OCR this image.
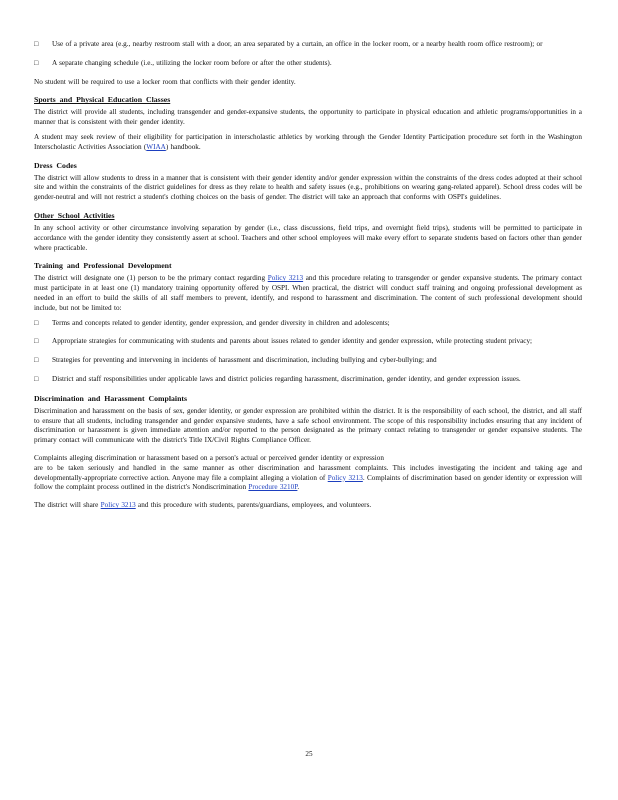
□	Use of a private area (e.g., nearby restroom stall with a door, an area separated by a curtain, an office in the locker room, or a nearby health room office restroom); or

□	A separate changing schedule (i.e., utilizing the locker room before or after the other students).

No student will be required to use a locker room that conflicts with their gender identity.

Sports and Physical Education Classes

The district will provide all students, including transgender and gender-expansive students, the opportunity to participate in physical education and athletic programs/opportunities in a manner that is consistent with their gender identity.

A student may seek review of their eligibility for participation in interscholastic athletics by working through the Gender Identity Participation procedure set forth in the Washington Interscholastic Activities Association (WIAA) handbook.

Dress Codes

The district will allow students to dress in a manner that is consistent with their gender identity and/or gender expression within the constraints of the dress codes adopted at their school site and within the constraints of the district guidelines for dress as they relate to health and safety issues (e.g., prohibitions on wearing gang-related apparel). School dress codes will be gender-neutral and will not restrict a student's clothing choices on the basis of gender. The district will take an approach that conforms with OSPI's guidelines.

Other School Activities

In any school activity or other circumstance involving separation by gender (i.e., class discussions, field trips, and overnight field trips), students will be permitted to participate in accordance with the gender identity they consistently assert at school. Teachers and other school employees will make every effort to separate students based on factors other than gender where practicable.

Training and Professional Development

The district will designate one (1) person to be the primary contact regarding Policy 3213 and this procedure relating to transgender or gender expansive students. The primary contact must participate in at least one (1) mandatory training opportunity offered by OSPI. When practical, the district will conduct staff training and ongoing professional development as needed in an effort to build the skills of all staff members to prevent, identify, and respond to harassment and discrimination. The content of such professional development should include, but not be limited to:

□	Terms and concepts related to gender identity, gender expression, and gender diversity in children and adolescents;

□	Appropriate strategies for communicating with students and parents about issues related to gender identity and gender expression, while protecting student privacy;

□	Strategies for preventing and intervening in incidents of harassment and discrimination, including bullying and cyber-bullying; and

□	District and staff responsibilities under applicable laws and district policies regarding harassment, discrimination, gender identity, and gender expression issues.

Discrimination and Harassment Complaints

Discrimination and harassment on the basis of sex, gender identity, or gender expression are prohibited within the district. It is the responsibility of each school, the district, and all staff to ensure that all students, including transgender and gender expansive students, have a safe school environment. The scope of this responsibility includes ensuring that any incident of discrimination or harassment is given immediate attention and/or reported to the person designated as the primary contact relating to transgender or gender expansive students. The primary contact will communicate with the district's Title IX/Civil Rights Compliance Officer.

Complaints alleging discrimination or harassment based on a person's actual or perceived gender identity or expression
are to be taken seriously and handled in the same manner as other discrimination and harassment complaints. This includes investigating the incident and taking age and developmentally-appropriate corrective action. Anyone may file a complaint alleging a violation of Policy 3213. Complaints of discrimination based on gender identity or expression will follow the complaint process outlined in the district's Nondiscrimination Procedure 3210P.

The district will share Policy 3213 and this procedure with students, parents/guardians, employees, and volunteers.

25
